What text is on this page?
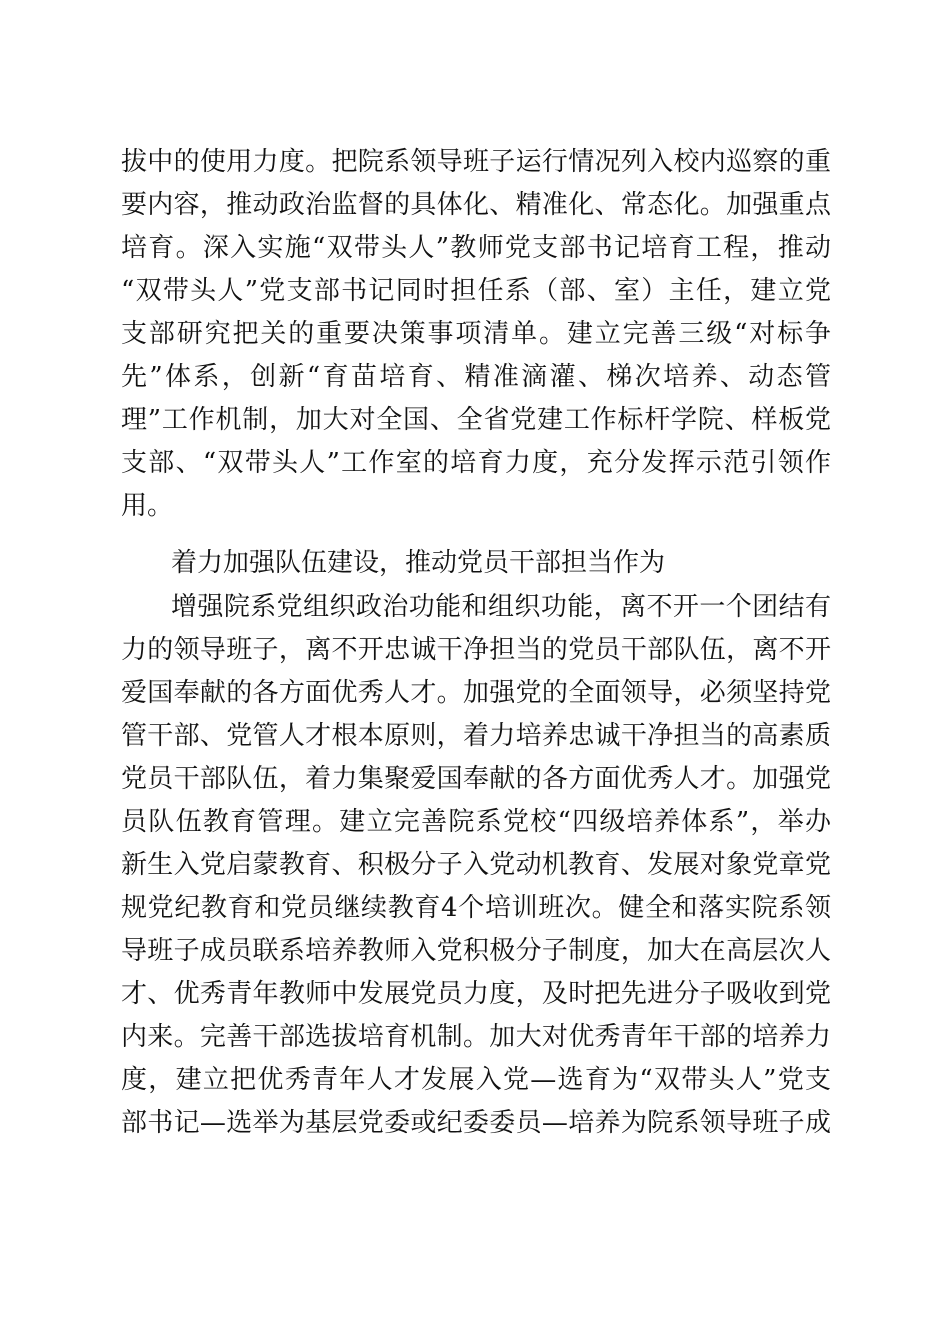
拔中的使用力度。把院系领导班子运行情况列入校内巡察的重
要内容，推动政治监督的具体化、精准化、常态化。加强重点
培育。深入实施“双带头人”教师党支部书记培育工程，推动
“双带头人”党支部书记同时担任系（部、室）主任，建立党
支部研究把关的重要决策事项清单。建立完善三级“对标争
先”体系，创新“育苗培育、精准滴灌、梯次培养、动态管
理”工作机制，加大对全国、全省党建工作标杆学院、样板党
支部、“双带头人”工作室的培育力度，充分发挥示范引领作
用。
着力加强队伍建设，推动党员干部担当作为
增强院系党组织政治功能和组织功能，离不开一个团结有
力的领导班子，离不开忠诚干净担当的党员干部队伍，离不开
爱国奉献的各方面优秀人才。加强党的全面领导，必须坚持党
管干部、党管人才根本原则，着力培养忠诚干净担当的高素质
党员干部队伍，着力集聚爱国奉献的各方面优秀人才。加强党
员队伍教育管理。建立完善院系党校“四级培养体系”，举办
新生入党启蒙教育、积极分子入党动机教育、发展对象党章党
规党纪教育和党员继续教育4个培训班次。健全和落实院系领
导班子成员联系培养教师入党积极分子制度，加大在高层次人
才、优秀青年教师中发展党员力度，及时把先进分子吸收到党
内来。完善干部选拔培育机制。加大对优秀青年干部的培养力
度，建立把优秀青年人才发展入党—选育为“双带头人”党支
部书记—选举为基层党委或纪委委员—培养为院系领导班子成
